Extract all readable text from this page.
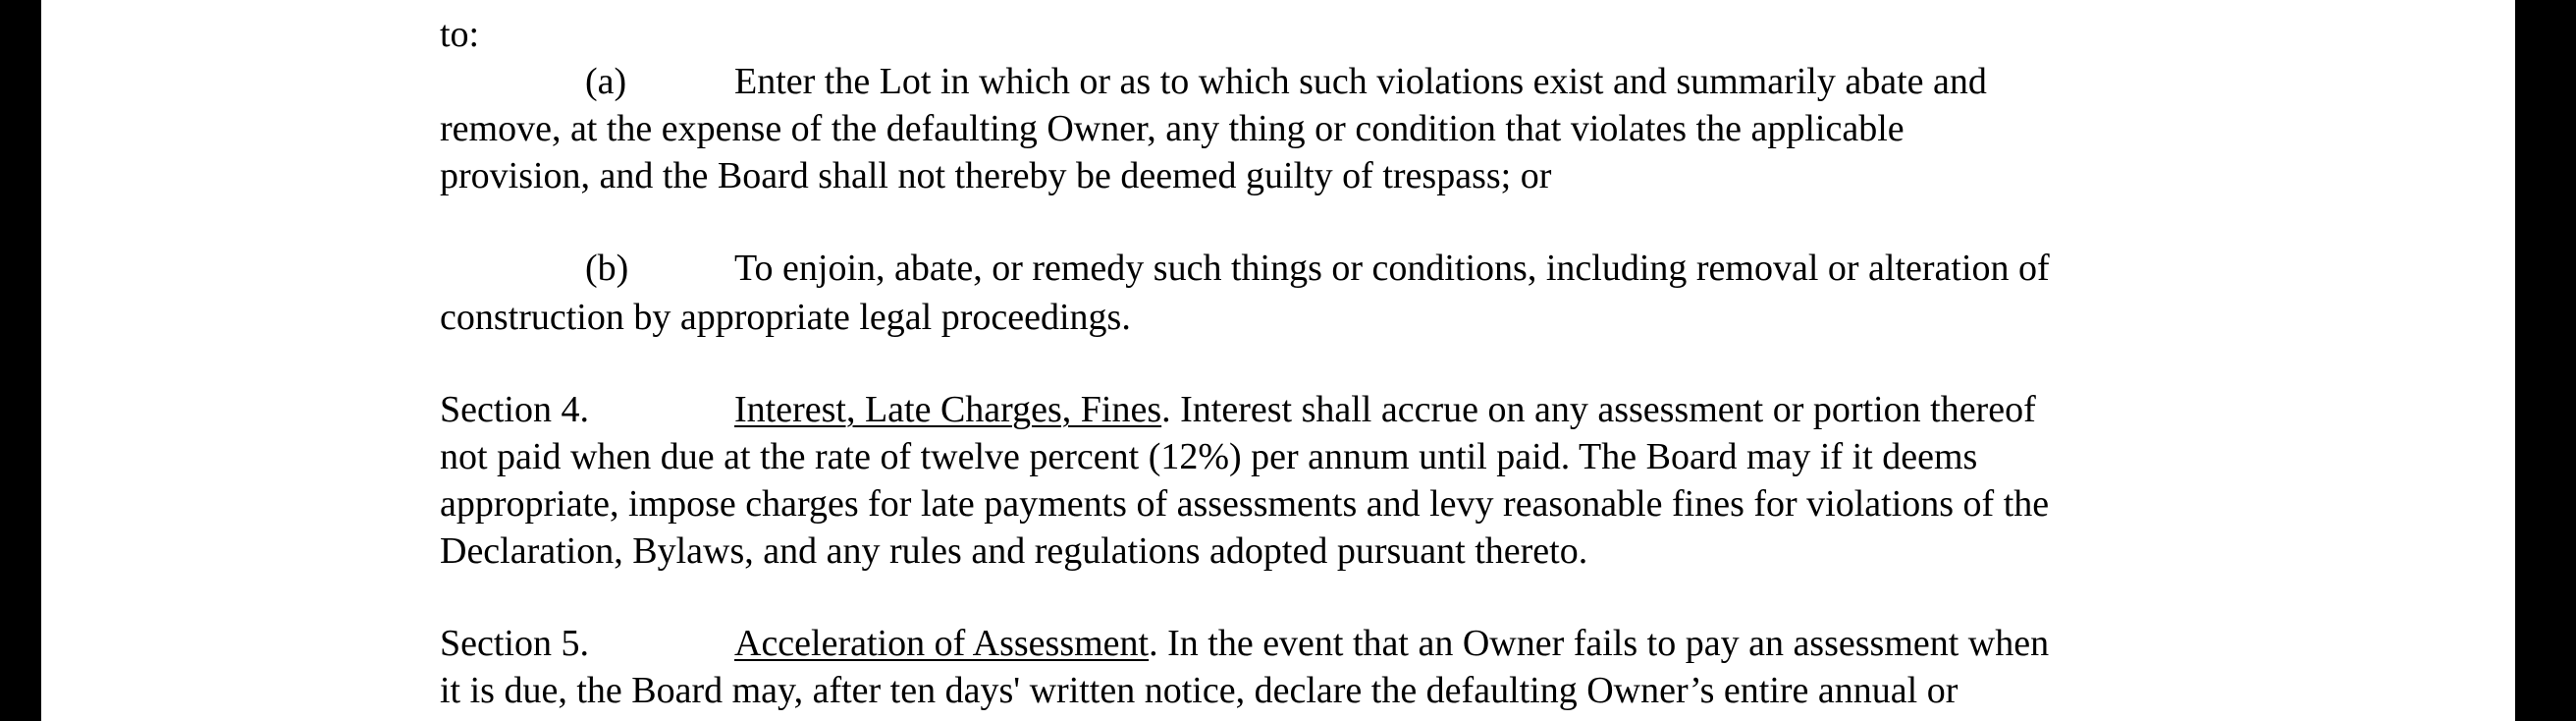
to:

(a)

	Enter the Lot in which or as to which such violations exist and summarily abate and

remove, at the expense of the defaulting Owner, any thing or condition that violates the applicable

provision, and the Board shall not thereby be deemed guilty of trespass; or

(b)

	To enjoin, abate, or remedy such things or conditions, including removal or alteration of

construction by appropriate legal proceedings.

Section 4.

	Interest, Late Charges, Fines. Interest shall accrue on any assessment or portion thereof

not paid when due at the rate of twelve percent (12%) per annum until paid. The Board may if it deems

appropriate, impose charges for late payments of assessments and levy reasonable fines for violations of the

Declaration, Bylaws, and any rules and regulations adopted pursuant thereto.

Section 5.

	Acceleration of Assessment. In the event that an Owner fails to pay an assessment when

it is due, the Board may, after ten days' written notice, declare the defaulting Owner’s entire annual or
